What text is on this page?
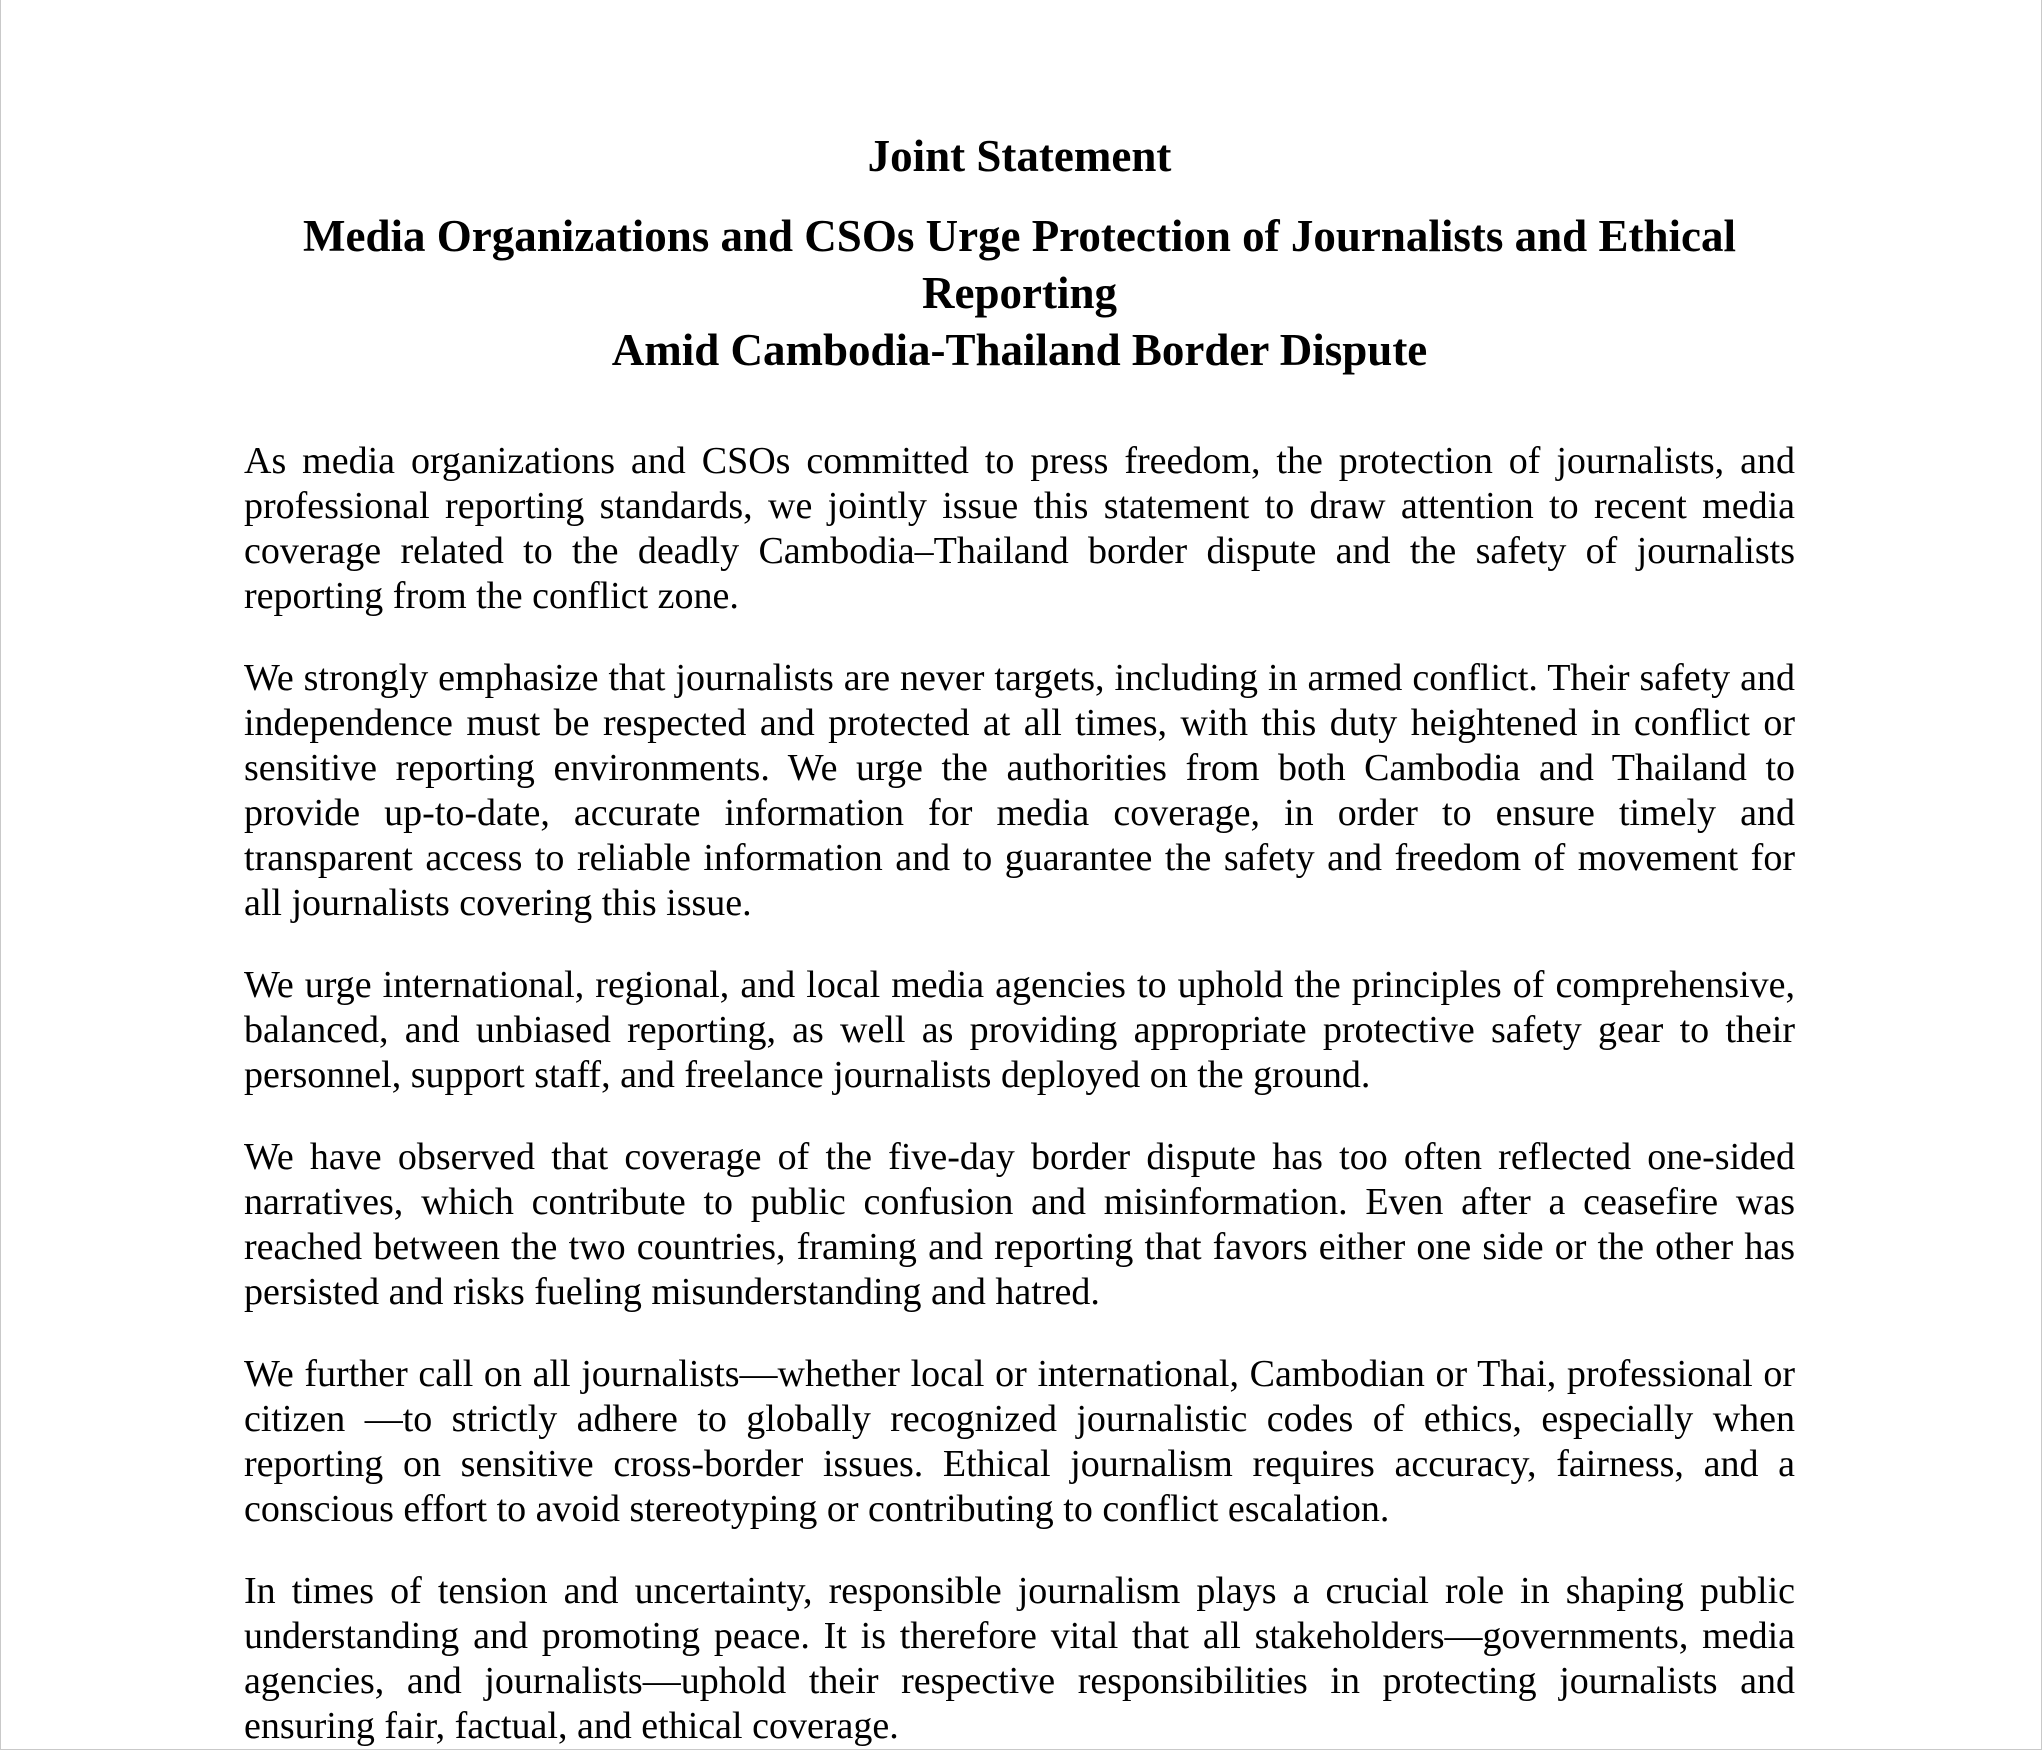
Joint Statement
Media Organizations and CSOs Urge Protection of Journalists and Ethical Reporting
Amid Cambodia-Thailand Border Dispute

As media organizations and CSOs committed to press freedom, the protection of journalists, and professional reporting standards, we jointly issue this statement to draw attention to recent media coverage related to the deadly Cambodia–Thailand border dispute and the safety of journalists reporting from the conflict zone.

We strongly emphasize that journalists are never targets, including in armed conflict. Their safety and independence must be respected and protected at all times, with this duty heightened in conflict or sensitive reporting environments. We urge the authorities from both Cambodia and Thailand to provide up-to-date, accurate information for media coverage, in order to ensure timely and transparent access to reliable information and to guarantee the safety and freedom of movement for all journalists covering this issue.

We urge international, regional, and local media agencies to uphold the principles of comprehensive, balanced, and unbiased reporting, as well as providing appropriate protective safety gear to their personnel, support staff, and freelance journalists deployed on the ground.

We have observed that coverage of the five-day border dispute has too often reflected one-sided narratives, which contribute to public confusion and misinformation. Even after a ceasefire was reached between the two countries, framing and reporting that favors either one side or the other has persisted and risks fueling misunderstanding and hatred.

We further call on all journalists—whether local or international, Cambodian or Thai, professional or citizen —to strictly adhere to globally recognized journalistic codes of ethics, especially when reporting on sensitive cross-border issues. Ethical journalism requires accuracy, fairness, and a conscious effort to avoid stereotyping or contributing to conflict escalation.

In times of tension and uncertainty, responsible journalism plays a crucial role in shaping public understanding and promoting peace. It is therefore vital that all stakeholders—governments, media agencies, and journalists—uphold their respective responsibilities in protecting journalists and ensuring fair, factual, and ethical coverage.
